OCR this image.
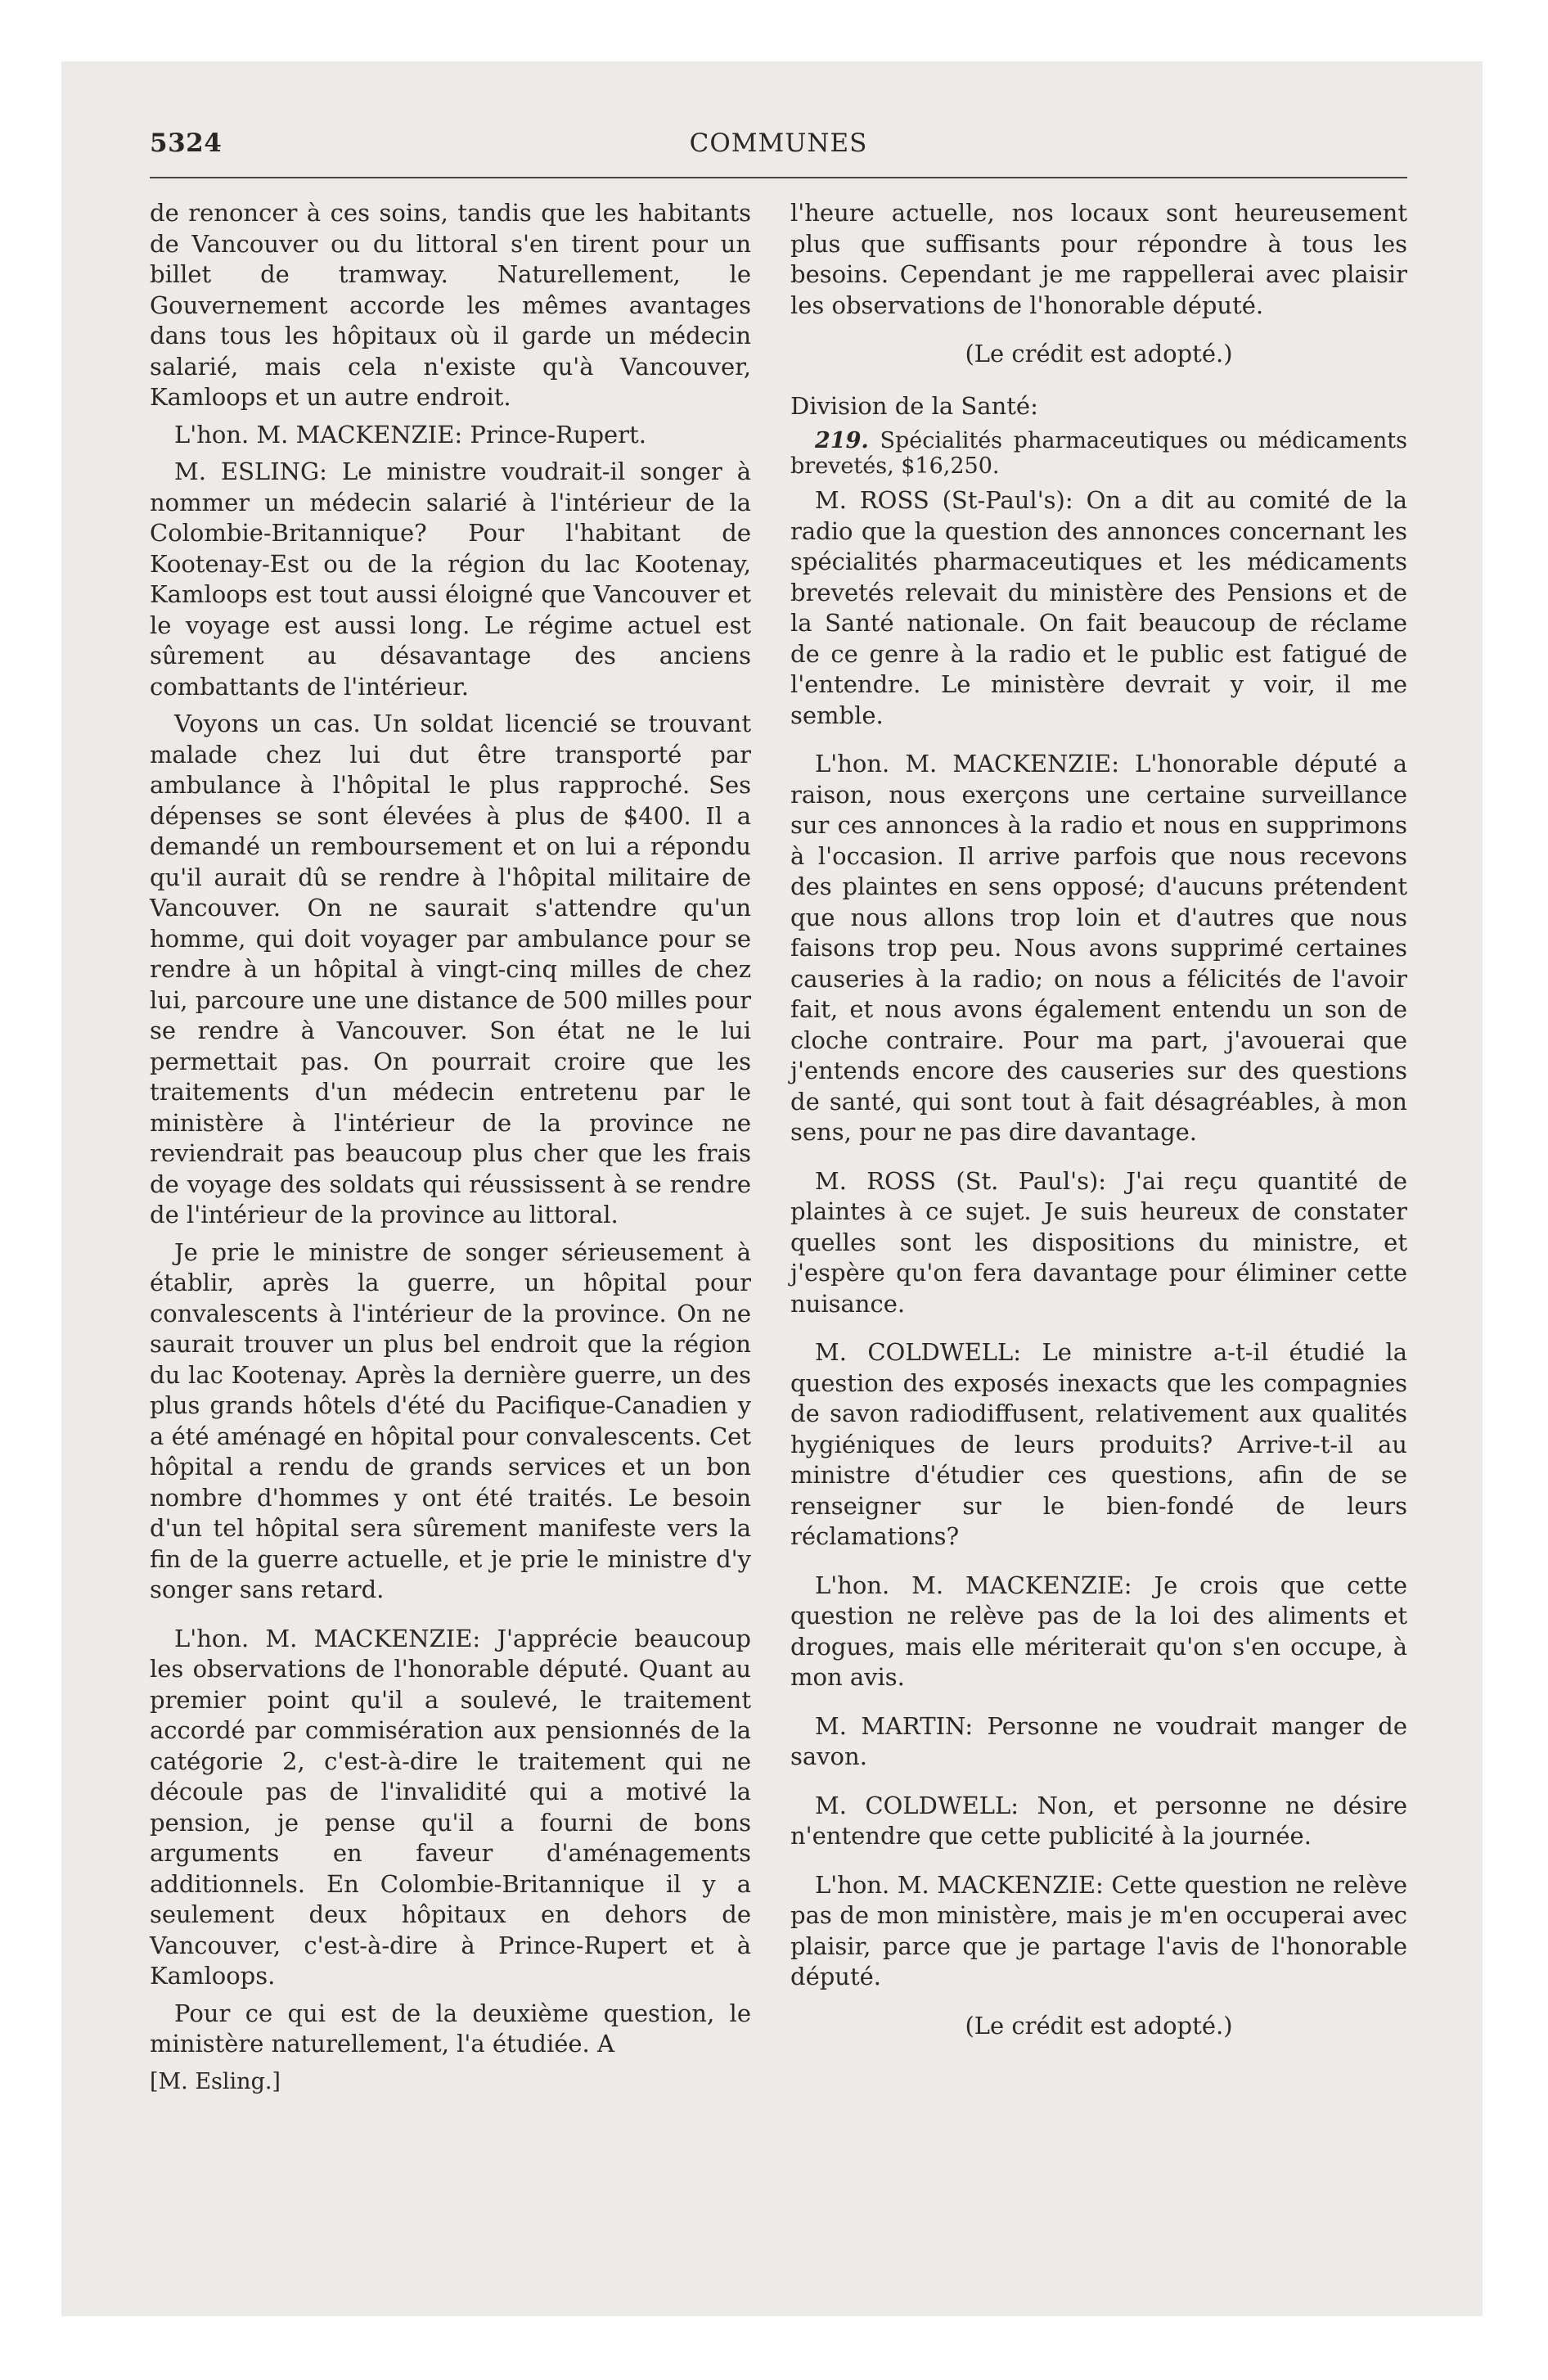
5324	COMMUNES

de renoncer à ces soins, tandis que les habitants de Vancouver ou du littoral s'en tirent pour un billet de tramway. Naturellement, le Gouvernement accorde les mêmes avantages dans tous les hôpitaux où il garde un médecin salarié, mais cela n'existe qu'à Vancouver, Kamloops et un autre endroit.

L'hon. M. MACKENZIE: Prince-Rupert.

M. ESLING: Le ministre voudrait-il songer à nommer un médecin salarié à l'intérieur de la Colombie-Britannique? Pour l'habitant de Kootenay-Est ou de la région du lac Kootenay, Kamloops est tout aussi éloigné que Vancouver et le voyage est aussi long. Le régime actuel est sûrement au désavantage des anciens combattants de l'intérieur.

Voyons un cas. Un soldat licencié se trouvant malade chez lui dut être transporté par ambulance à l'hôpital le plus rapproché. Ses dépenses se sont élevées à plus de $400. Il a demandé un remboursement et on lui a répondu qu'il aurait dû se rendre à l'hôpital militaire de Vancouver. On ne saurait s'attendre qu'un homme, qui doit voyager par ambulance pour se rendre à un hôpital à vingt-cinq milles de chez lui, parcoure une une distance de 500 milles pour se rendre à Vancouver. Son état ne le lui permettait pas. On pourrait croire que les traitements d'un médecin entretenu par le ministère à l'intérieur de la province ne reviendrait pas beaucoup plus cher que les frais de voyage des soldats qui réussissent à se rendre de l'intérieur de la province au littoral.

Je prie le ministre de songer sérieusement à établir, après la guerre, un hôpital pour convalescents à l'intérieur de la province. On ne saurait trouver un plus bel endroit que la région du lac Kootenay. Après la dernière guerre, un des plus grands hôtels d'été du Pacifique-Canadien y a été aménagé en hôpital pour convalescents. Cet hôpital a rendu de grands services et un bon nombre d'hommes y ont été traités. Le besoin d'un tel hôpital sera sûrement manifeste vers la fin de la guerre actuelle, et je prie le ministre d'y songer sans retard.

L'hon. M. MACKENZIE: J'apprécie beaucoup les observations de l'honorable député. Quant au premier point qu'il a soulevé, le traitement accordé par commisération aux pensionnés de la catégorie 2, c'est-à-dire le traitement qui ne découle pas de l'invalidité qui a motivé la pension, je pense qu'il a fourni de bons arguments en faveur d'aménagements additionnels. En Colombie-Britannique il y a seulement deux hôpitaux en dehors de Vancouver, c'est-à-dire à Prince-Rupert et à Kamloops.

Pour ce qui est de la deuxième question, le ministère naturellement, l'a étudiée. A

[M. Esling.]

l'heure actuelle, nos locaux sont heureusement plus que suffisants pour répondre à tous les besoins. Cependant je me rappellerai avec plaisir les observations de l'honorable député.

(Le crédit est adopté.)

Division de la Santé:

219. Spécialités pharmaceutiques ou médicaments brevetés, $16,250.

M. ROSS (St-Paul's): On a dit au comité de la radio que la question des annonces concernant les spécialités pharmaceutiques et les médicaments brevetés relevait du ministère des Pensions et de la Santé nationale. On fait beaucoup de réclame de ce genre à la radio et le public est fatigué de l'entendre. Le ministère devrait y voir, il me semble.

L'hon. M. MACKENZIE: L'honorable député a raison, nous exerçons une certaine surveillance sur ces annonces à la radio et nous en supprimons à l'occasion. Il arrive parfois que nous recevons des plaintes en sens opposé; d'aucuns prétendent que nous allons trop loin et d'autres que nous faisons trop peu. Nous avons supprimé certaines causeries à la radio; on nous a félicités de l'avoir fait, et nous avons également entendu un son de cloche contraire. Pour ma part, j'avouerai que j'entends encore des causeries sur des questions de santé, qui sont tout à fait désagréables, à mon sens, pour ne pas dire davantage.

M. ROSS (St. Paul's): J'ai reçu quantité de plaintes à ce sujet. Je suis heureux de constater quelles sont les dispositions du ministre, et j'espère qu'on fera davantage pour éliminer cette nuisance.

M. COLDWELL: Le ministre a-t-il étudié la question des exposés inexacts que les compagnies de savon radiodiffusent, relativement aux qualités hygiéniques de leurs produits? Arrive-t-il au ministre d'étudier ces questions, afin de se renseigner sur le bien-fondé de leurs réclamations?

L'hon. M. MACKENZIE: Je crois que cette question ne relève pas de la loi des aliments et drogues, mais elle mériterait qu'on s'en occupe, à mon avis.

M. MARTIN: Personne ne voudrait manger de savon.

M. COLDWELL: Non, et personne ne désire n'entendre que cette publicité à la journée.

L'hon. M. MACKENZIE: Cette question ne relève pas de mon ministère, mais je m'en occuperai avec plaisir, parce que je partage l'avis de l'honorable député.

(Le crédit est adopté.)
